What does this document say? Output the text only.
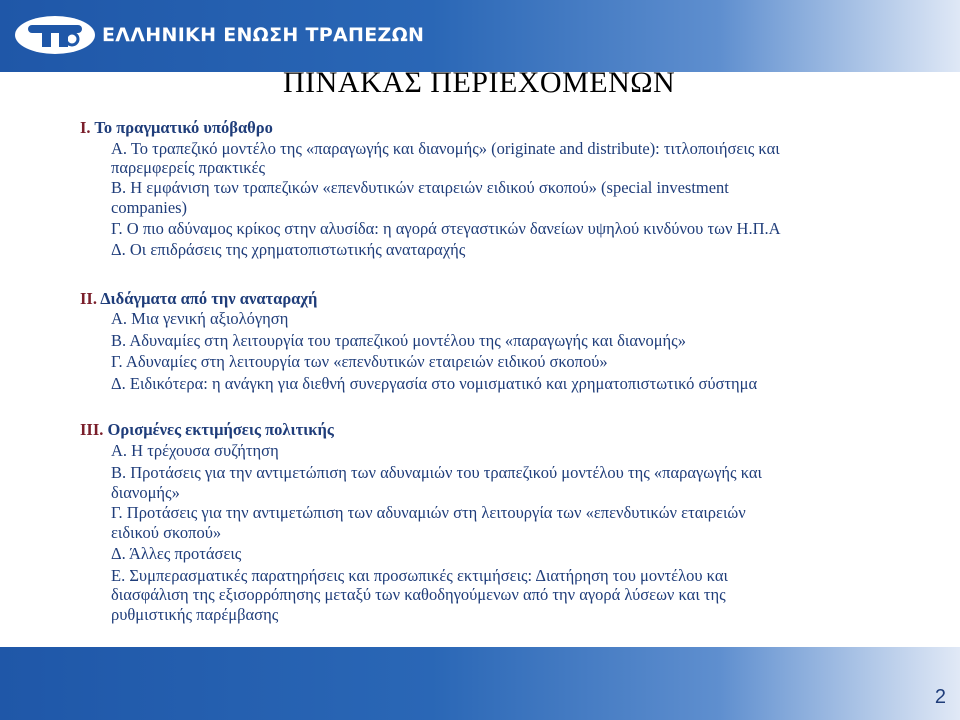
ΕΛΛΗΝΙΚΗ ΕΝΩΣΗ ΤΡΑΠΕΖΩΝ
ΠΙΝΑΚΑΣ ΠΕΡΙΕΧΟΜΕΝΩΝ
Ι. Το πραγματικό υπόβαθρο
Α. Το τραπεζικό μοντέλο της «παραγωγής και διανομής» (originate and distribute): τιτλοποιήσεις και
παρεμφερείς πρακτικές
Β. Η εμφάνιση των τραπεζικών «επενδυτικών εταιρειών ειδικού σκοπού» (special investment
companies)
Γ. Ο πιο αδύναμος κρίκος στην αλυσίδα: η αγορά στεγαστικών δανείων υψηλού κινδύνου των Η.Π.Α
Δ. Οι επιδράσεις της χρηματοπιστωτικής αναταραχής
ΙΙ. Διδάγματα από την αναταραχή
Α. Μια γενική αξιολόγηση
Β. Αδυναμίες στη λειτουργία του τραπεζικού μοντέλου της «παραγωγής και διανομής»
Γ. Αδυναμίες στη λειτουργία των «επενδυτικών εταιρειών ειδικού σκοπού»
Δ. Ειδικότερα: η ανάγκη για διεθνή συνεργασία στο νομισματικό και χρηματοπιστωτικό σύστημα
ΙΙΙ. Ορισμένες εκτιμήσεις πολιτικής
Α. Η τρέχουσα συζήτηση
Β. Προτάσεις για την αντιμετώπιση των αδυναμιών του τραπεζικού μοντέλου της «παραγωγής και
διανομής»
Γ. Προτάσεις για την αντιμετώπιση των αδυναμιών στη λειτουργία των «επενδυτικών εταιρειών
ειδικού σκοπού»
Δ. Άλλες προτάσεις
Ε. Συμπερασματικές παρατηρήσεις και προσωπικές εκτιμήσεις: Διατήρηση του μοντέλου και
διασφάλιση της εξισορρόπησης μεταξύ των καθοδηγούμενων από την αγορά λύσεων και της
ρυθμιστικής παρέμβασης
2
